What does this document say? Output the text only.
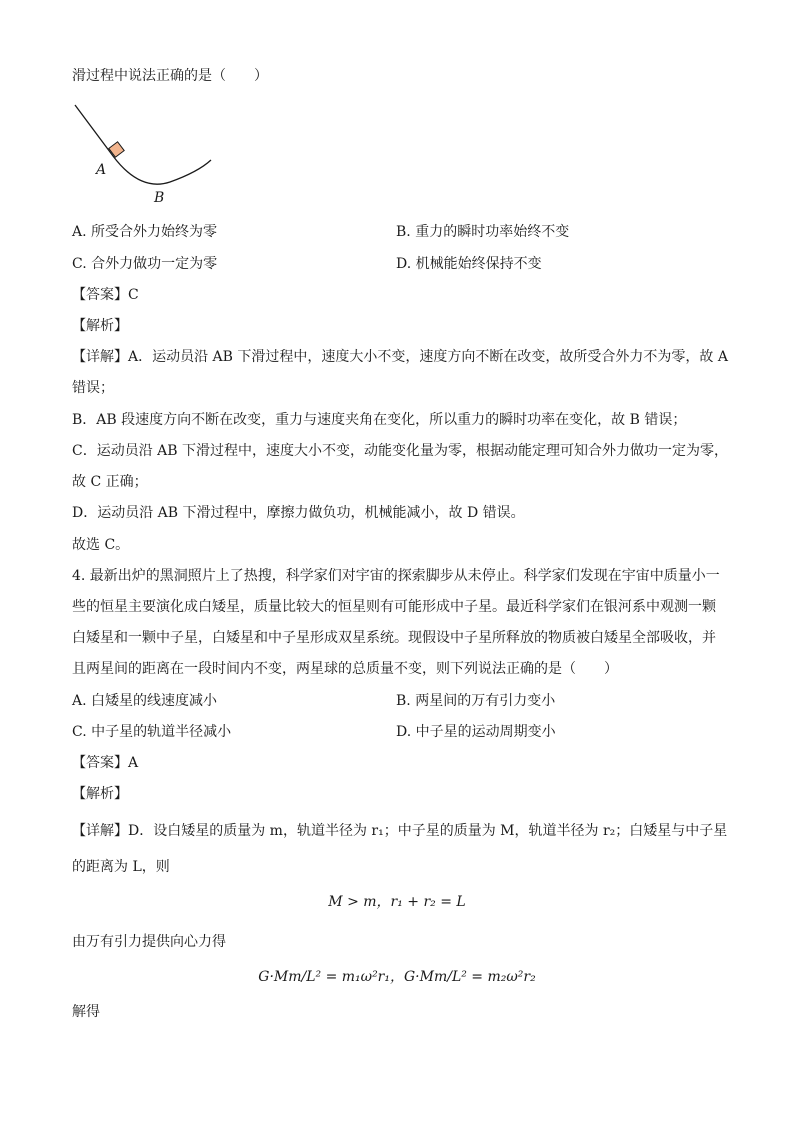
滑过程中说法正确的是（　　）
A
B
A. 所受合外力始终为零	B. 重力的瞬时功率始终不变
C. 合外力做功一定为零	D. 机械能始终保持不变
【答案】C
【解析】
【详解】A．运动员沿 AB 下滑过程中，速度大小不变，速度方向不断在改变，故所受合外力不为零，故 A
错误；
B．AB 段速度方向不断在改变，重力与速度夹角在变化，所以重力的瞬时功率在变化，故 B 错误；
C．运动员沿 AB 下滑过程中，速度大小不变，动能变化量为零，根据动能定理可知合外力做功一定为零，
故 C 正确；
D．运动员沿 AB 下滑过程中，摩擦力做负功，机械能减小，故 D 错误。
故选 C。
4. 最新出炉的黑洞照片上了热搜，科学家们对宇宙的探索脚步从未停止。科学家们发现在宇宙中质量小一
些的恒星主要演化成白矮星，质量比较大的恒星则有可能形成中子星。最近科学家们在银河系中观测一颗
白矮星和一颗中子星，白矮星和中子星形成双星系统。现假设中子星所释放的物质被白矮星全部吸收，并
且两星间的距离在一段时间内不变，两星球的总质量不变，则下列说法正确的是（　　）
A. 白矮星的线速度减小	B. 两星间的万有引力变小
C. 中子星的轨道半径减小	D. 中子星的运动周期变小
【答案】A
【解析】
【详解】D．设白矮星的质量为 m，轨道半径为 r₁；中子星的质量为 M，轨道半径为 r₂；白矮星与中子星
的距离为 L，则
M > m，r₁ + r₂ = L
由万有引力提供向心力得
G·Mm/L² = m₁ω²r₁，G·Mm/L² = m₂ω²r₂
解得
